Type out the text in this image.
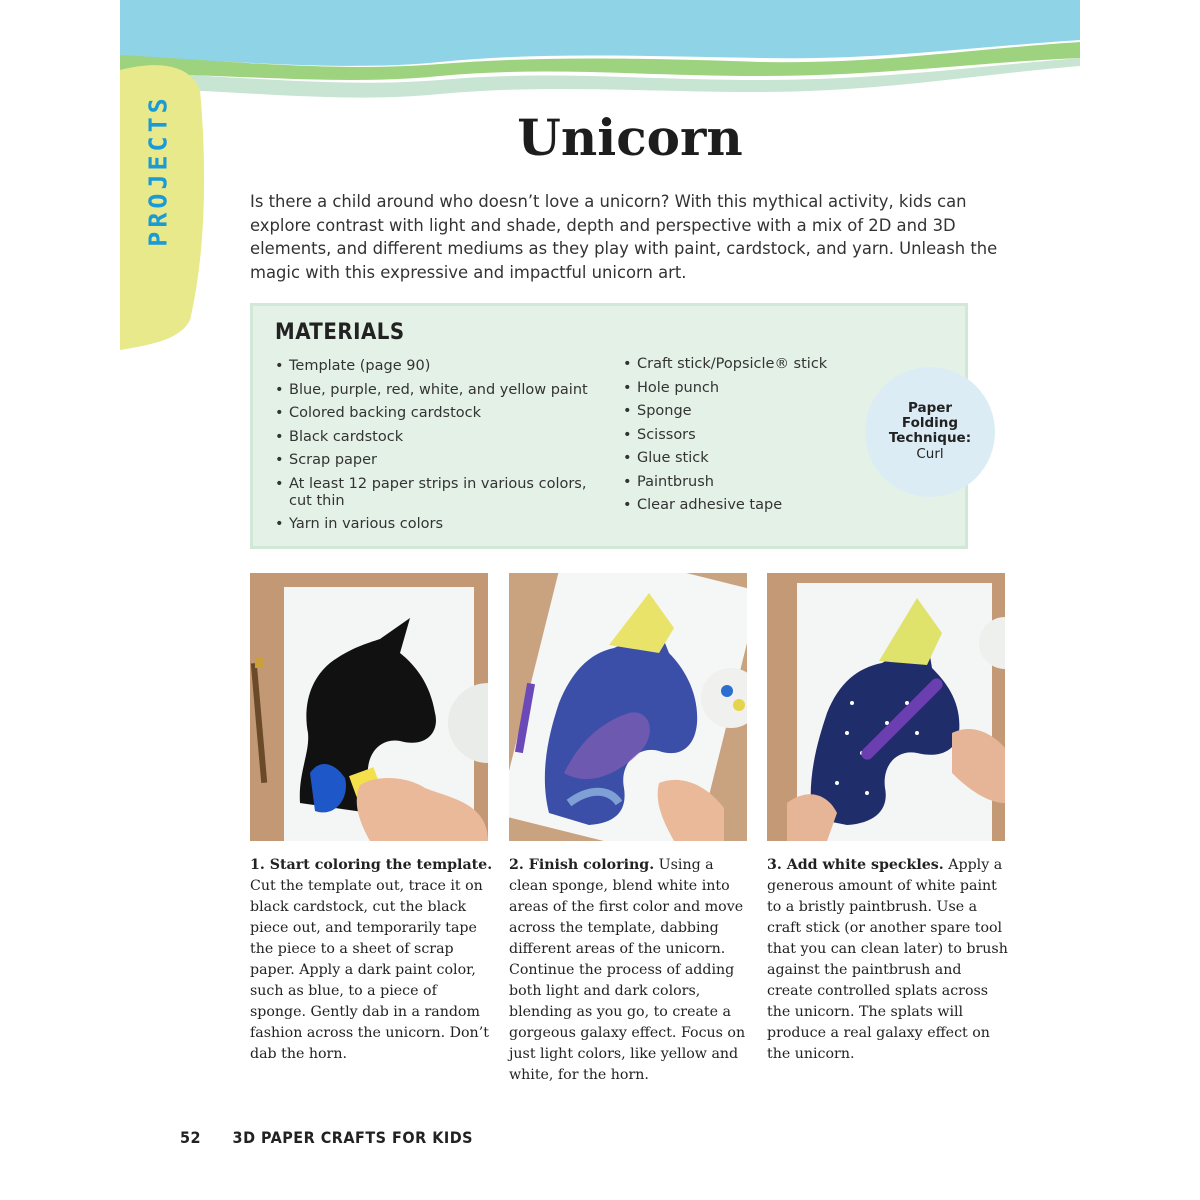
PROJECTS	Unicorn

Is there a child around who doesn’t love a unicorn? With this mythical activity, kids can explore contrast with light and shade, depth and perspective with a mix of 2D and 3D elements, and different mediums as they play with paint, cardstock, and yarn. Unleash the magic with this expressive and impactful unicorn art.

MATERIALS
• Template (page 90)
• Blue, purple, red, white, and yellow paint
• Colored backing cardstock
• Black cardstock
• Scrap paper
• At least 12 paper strips in various colors, cut thin
• Yarn in various colors
• Craft stick/Popsicle® stick
• Hole punch
• Sponge
• Scissors
• Glue stick
• Paintbrush
• Clear adhesive tape
Paper
Folding
Technique:
Curl
1. Start coloring the template. Cut the template out, trace it on black cardstock, cut the black piece out, and temporarily tape the piece to a sheet of scrap paper. Apply a dark paint color, such as blue, to a piece of sponge. Gently dab in a random fashion across the unicorn. Don’t dab the horn.
2. Finish coloring. Using a clean sponge, blend white into areas of the first color and move across the template, dabbing different areas of the unicorn. Continue the process of adding both light and dark colors, blending as you go, to create a gorgeous galaxy effect. Focus on just light colors, like yellow and white, for the horn.
3. Add white speckles. Apply a generous amount of white paint to a bristly paintbrush. Use a craft stick (or another spare tool that you can clean later) to brush against the paintbrush and create controlled splats across the unicorn. The splats will produce a real galaxy effect on the unicorn.
52 3D PAPER CRAFTS FOR KIDS
